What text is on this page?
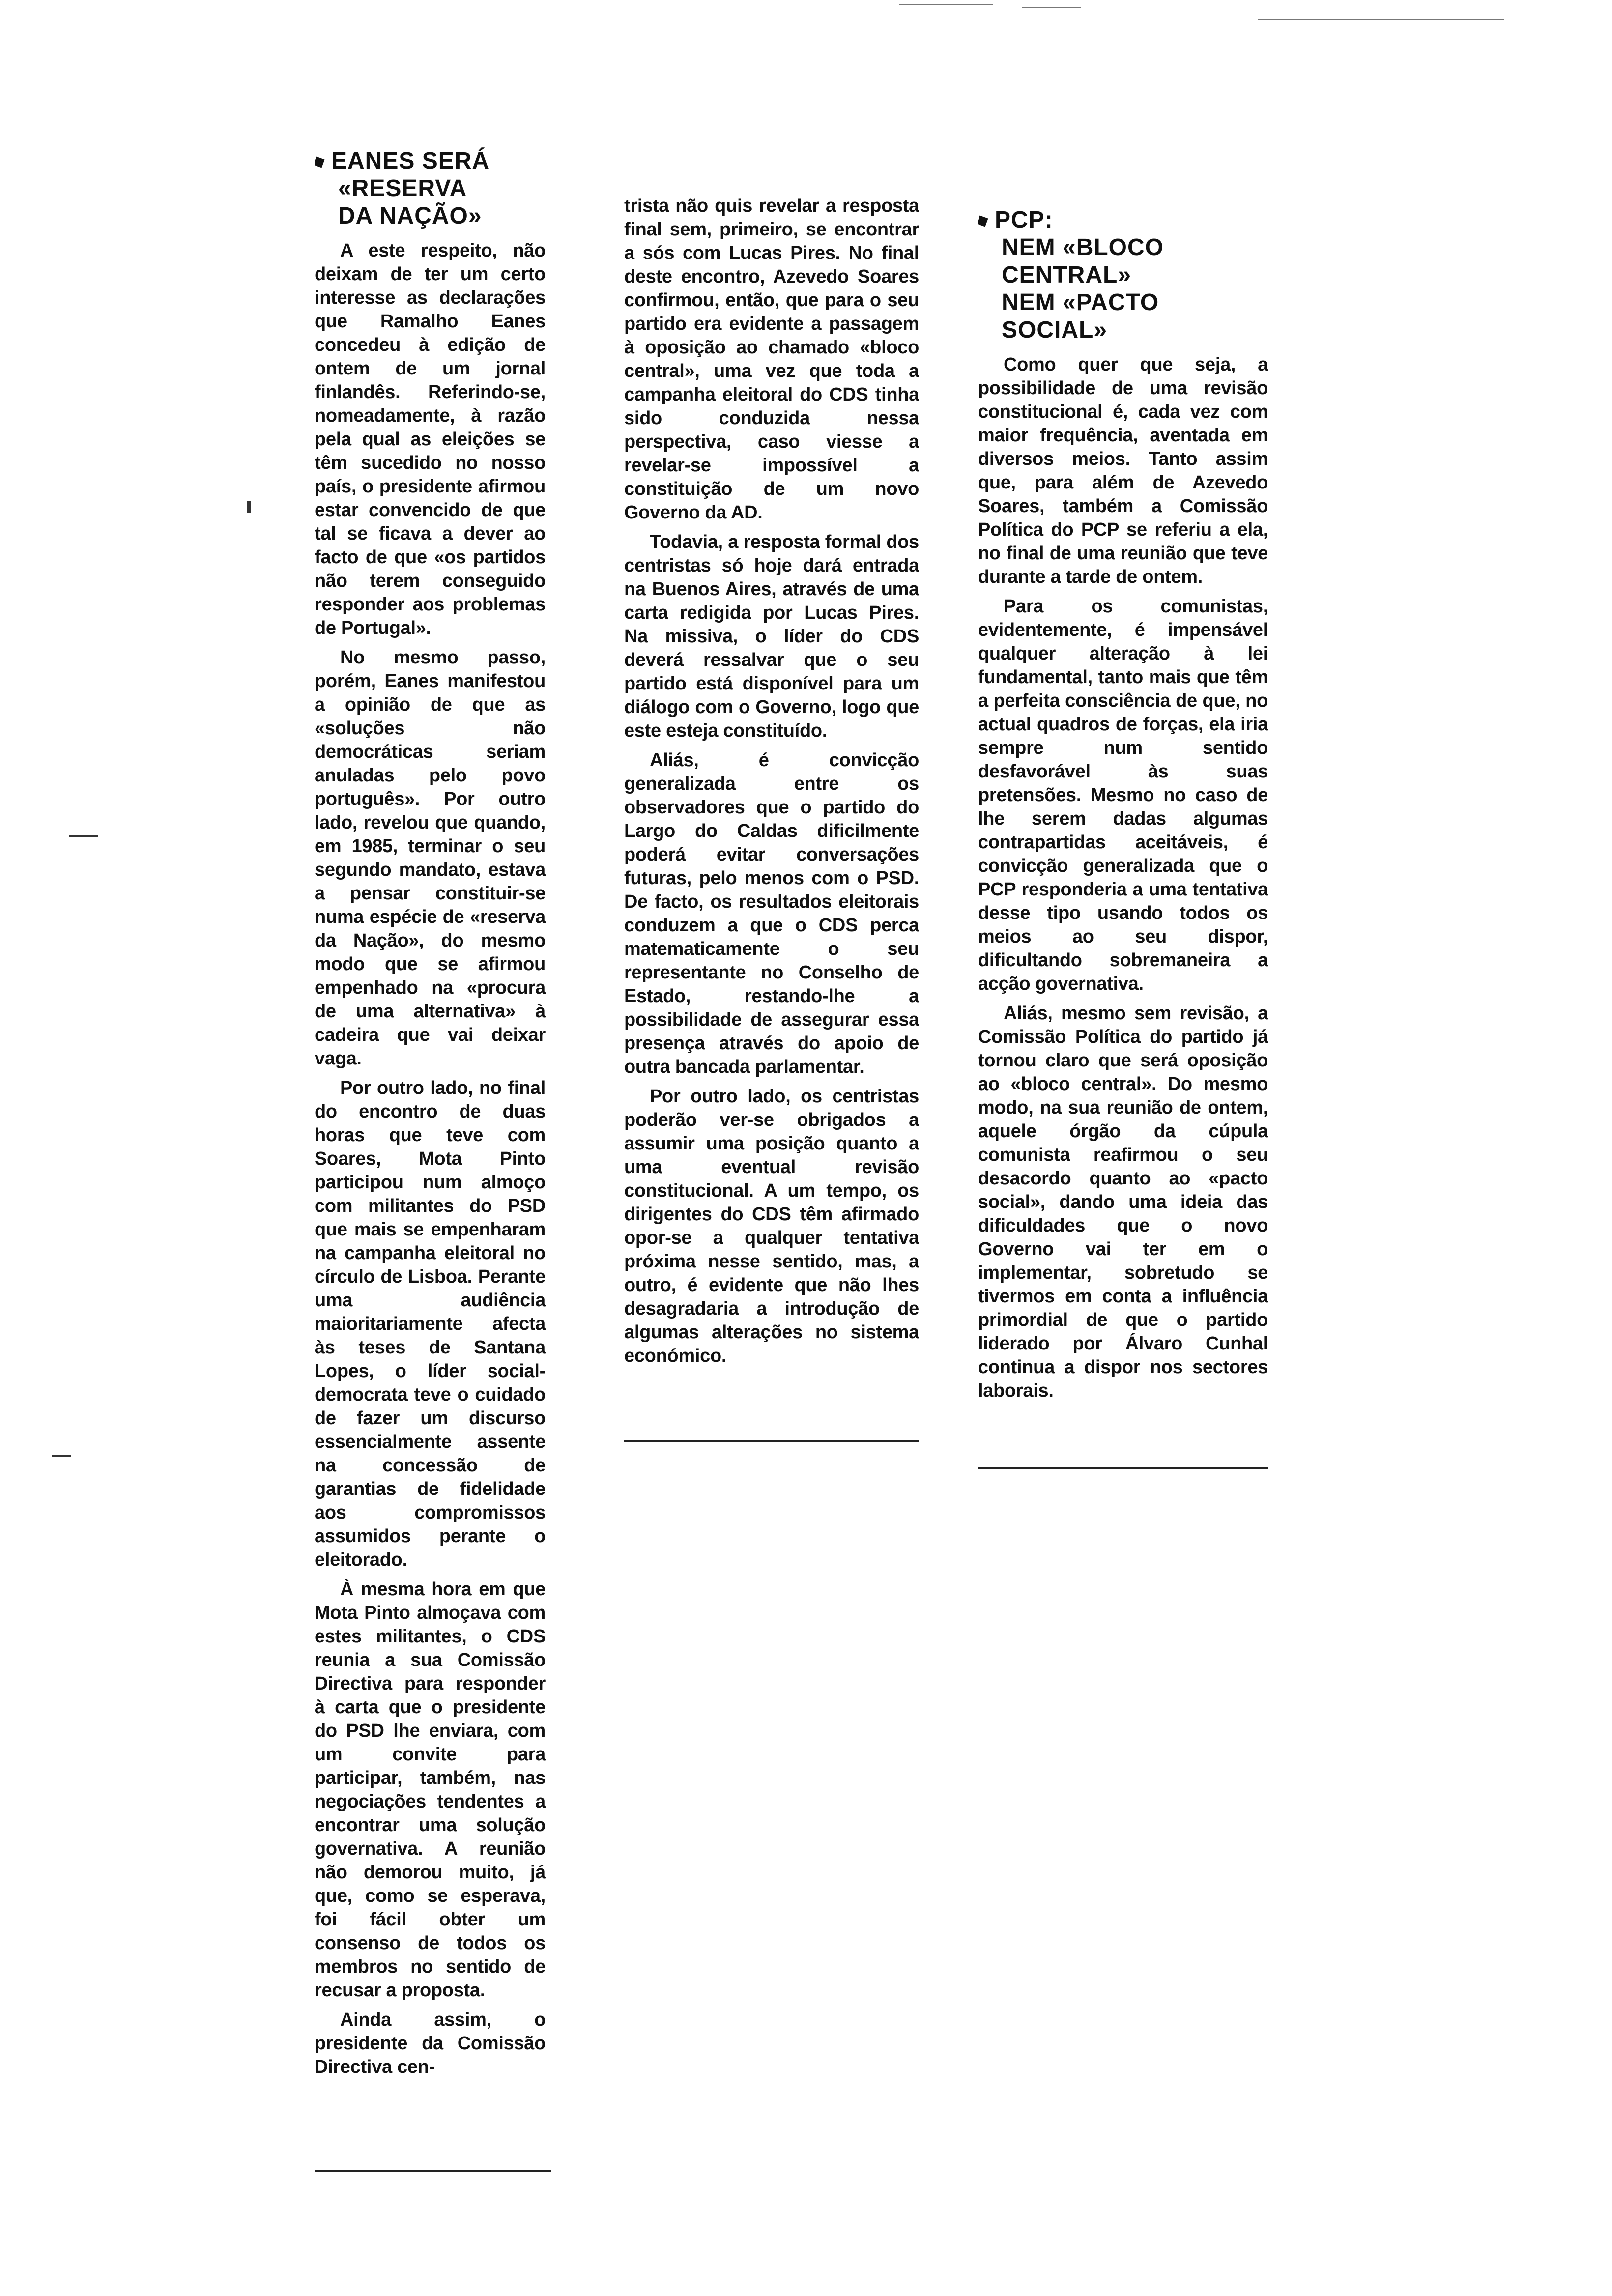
EANES SERÁ
«RESERVA
DA NAÇÃO»

A este respeito, não deixam de ter um certo interesse as declarações que Ramalho Eanes concedeu à edição de ontem de um jornal finlandês. Referindo-se, nomeadamente, à razão pela qual as eleições se têm sucedido no nosso país, o presidente afirmou estar convencido de que tal se ficava a dever ao facto de que «os partidos não terem conseguido responder aos problemas de Portugal».

No mesmo passo, porém, Eanes manifestou a opinião de que as «soluções não democráticas seriam anuladas pelo povo português». Por outro lado, revelou que quando, em 1985, terminar o seu segundo mandato, estava a pensar constituir-se numa espécie de «reserva da Nação», do mesmo modo que se afirmou empenhado na «procura de uma alternativa» à cadeira que vai deixar vaga.

Por outro lado, no final do encontro de duas horas que teve com Soares, Mota Pinto participou num almoço com militantes do PSD que mais se empenharam na campanha eleitoral no círculo de Lisboa. Perante uma audiência maioritariamente afecta às teses de Santana Lopes, o líder social-democrata teve o cuidado de fazer um discurso essencialmente assente na concessão de garantias de fidelidade aos compromissos assumidos perante o eleitorado.

À mesma hora em que Mota Pinto almoçava com estes militantes, o CDS reunia a sua Comissão Directiva para responder à carta que o presidente do PSD lhe enviara, com um convite para participar, também, nas negociações tendentes a encontrar uma solução governativa. A reunião não demorou muito, já que, como se esperava, foi fácil obter um consenso de todos os membros no sentido de recusar a proposta.

Ainda assim, o presidente da Comissão Directiva cen-

trista não quis revelar a resposta final sem, primeiro, se encontrar a sós com Lucas Pires. No final deste encontro, Azevedo Soares confirmou, então, que para o seu partido era evidente a passagem à oposição ao chamado «bloco central», uma vez que toda a campanha eleitoral do CDS tinha sido conduzida nessa perspectiva, caso viesse a revelar-se impossível a constituição de um novo Governo da AD.

Todavia, a resposta formal dos centristas só hoje dará entrada na Buenos Aires, através de uma carta redigida por Lucas Pires. Na missiva, o líder do CDS deverá ressalvar que o seu partido está disponível para um diálogo com o Governo, logo que este esteja constituído.

Aliás, é convicção generalizada entre os observadores que o partido do Largo do Caldas dificilmente poderá evitar conversações futuras, pelo menos com o PSD. De facto, os resultados eleitorais conduzem a que o CDS perca matematicamente o seu representante no Conselho de Estado, restando-lhe a possibilidade de assegurar essa presença através do apoio de outra bancada parlamentar.

Por outro lado, os centristas poderão ver-se obrigados a assumir uma posição quanto a uma eventual revisão constitucional. A um tempo, os dirigentes do CDS têm afirmado opor-se a qualquer tentativa próxima nesse sentido, mas, a outro, é evidente que não lhes desagradaria a introdução de algumas alterações no sistema económico.

PCP:
NEM «BLOCO
CENTRAL»
NEM «PACTO
SOCIAL»

Como quer que seja, a possibilidade de uma revisão constitucional é, cada vez com maior frequência, aventada em diversos meios. Tanto assim que, para além de Azevedo Soares, também a Comissão Política do PCP se referiu a ela, no final de uma reunião que teve durante a tarde de ontem.

Para os comunistas, evidentemente, é impensável qualquer alteração à lei fundamental, tanto mais que têm a perfeita consciência de que, no actual quadros de forças, ela iria sempre num sentido desfavorável às suas pretensões. Mesmo no caso de lhe serem dadas algumas contrapartidas aceitáveis, é convicção generalizada que o PCP responderia a uma tentativa desse tipo usando todos os meios ao seu dispor, dificultando sobremaneira a acção governativa.

Aliás, mesmo sem revisão, a Comissão Política do partido já tornou claro que será oposição ao «bloco central». Do mesmo modo, na sua reunião de ontem, aquele órgão da cúpula comunista reafirmou o seu desacordo quanto ao «pacto social», dando uma ideia das dificuldades que o novo Governo vai ter em o implementar, sobretudo se tivermos em conta a influência primordial de que o partido liderado por Álvaro Cunhal continua a dispor nos sectores laborais.
